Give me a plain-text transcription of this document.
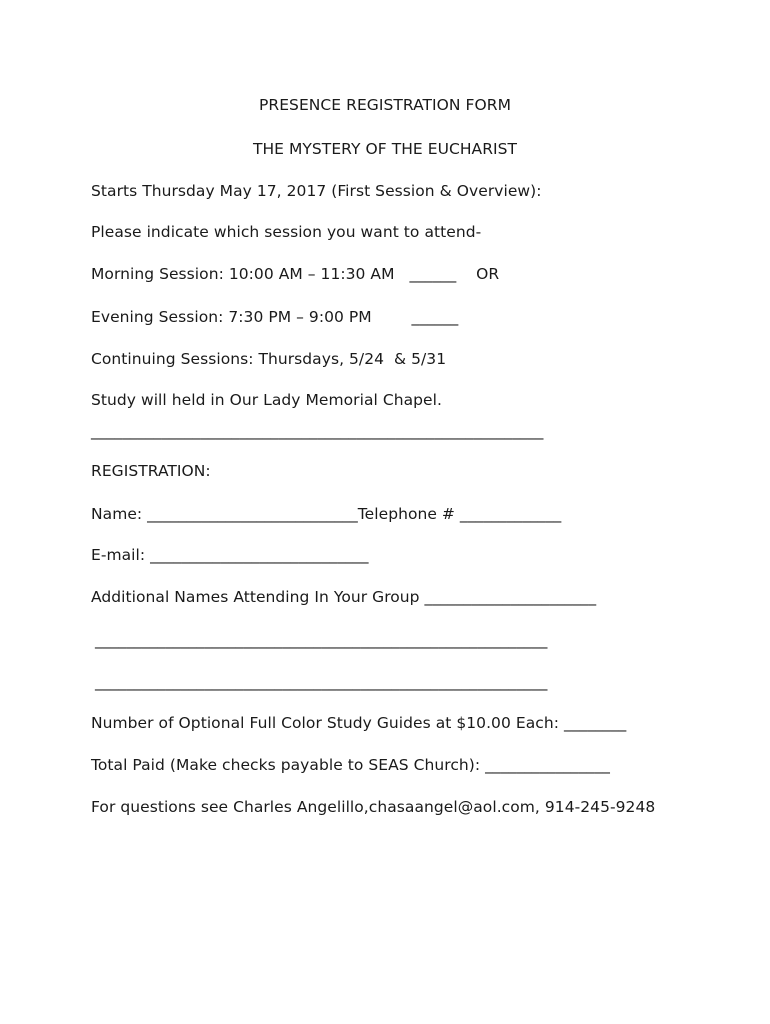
PRESENCE REGISTRATION FORM
THE MYSTERY OF THE EUCHARIST
Starts Thursday May 17, 2017 (First Session & Overview):
Please indicate which session you want to attend-
Morning Session: 10:00 AM – 11:30 AM   ______    OR
Evening Session: 7:30 PM – 9:00 PM        ______
Continuing Sessions: Thursdays, 5/24  & 5/31
Study will held in Our Lady Memorial Chapel.
__________________________________________________________
REGISTRATION:
Name: ___________________________Telephone # _____________
E-mail: ____________________________
Additional Names Attending In Your Group ______________________
__________________________________________________________
__________________________________________________________
Number of Optional Full Color Study Guides at $10.00 Each: ________
Total Paid (Make checks payable to SEAS Church): ________________
For questions see Charles Angelillo,chasaangel@aol.com, 914-245-9248
